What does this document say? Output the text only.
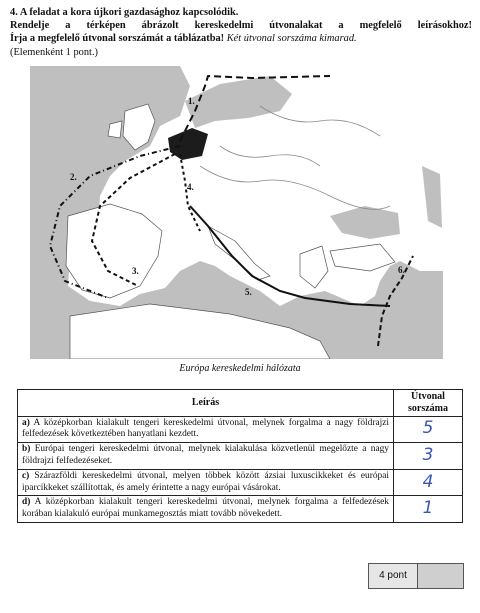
4. A feladat a kora újkori gazdasághoz kapcsolódik.
Rendelje a térképen ábrázolt kereskedelmi útvonalakat a megfelelő leírásokhoz!
Írja a megfelelő útvonal sorszámát a táblázatba! Két útvonal sorszáma kimarad.
(Elemenként 1 pont.)
1.
2.
3.
4.
5.
6.
Európa kereskedelmi hálózata
Leírás	Útvonal sorszáma
a) A középkorban kialakult tengeri kereskedelmi útvonal, melynek forgalma a nagy földrajzi felfedezések következtében hanyatlani kezdett.	5
b) Európai tengeri kereskedelmi útvonal, melynek kialakulása közvetlenül megelőzte a nagy földrajzi felfedezéseket.	3
c) Szárazföldi kereskedelmi útvonal, melyen többek között ázsiai luxuscikkeket és európai iparcikkeket szállítottak, és amely érintette a nagy európai vásárokat.	4
d) A középkorban kialakult tengeri kereskedelmi útvonal, melynek forgalma a felfedezések korában kialakuló európai munkamegosztás miatt tovább növekedett.	1
4 pont
